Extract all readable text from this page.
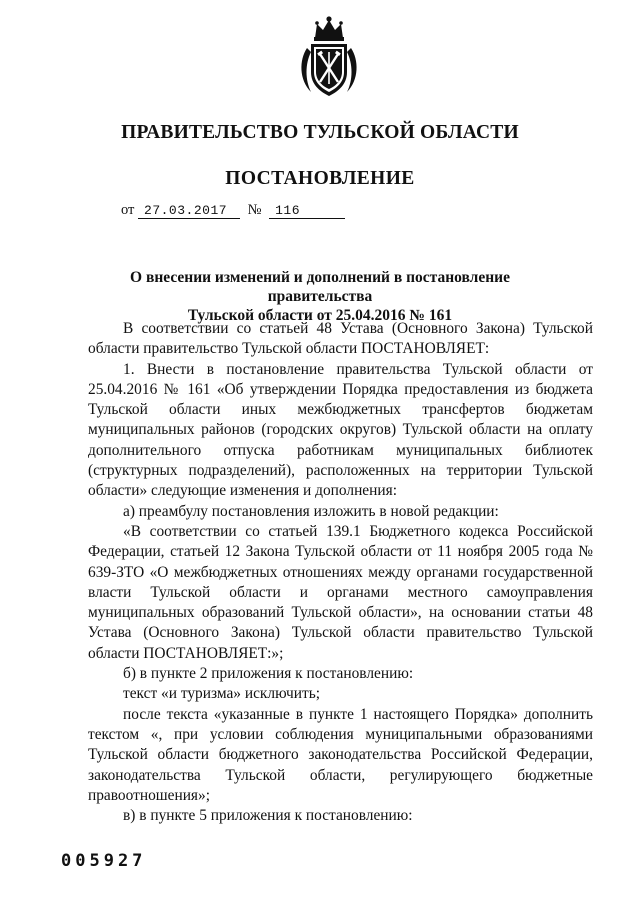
ПРАВИТЕЛЬСТВО ТУЛЬСКОЙ ОБЛАСТИ
ПОСТАНОВЛЕНИЕ
от 27.03.2017 № 116
О внесении изменений и дополнений в постановление правительства
Тульской области от 25.04.2016 № 161

В соответствии со статьей 48 Устава (Основного Закона) Тульской области правительство Тульской области ПОСТАНОВЛЯЕТ:

1. Внести в постановление правительства Тульской области от 25.04.2016 № 161 «Об утверждении Порядка предоставления из бюджета Тульской области иных межбюджетных трансфертов бюджетам муниципальных районов (городских округов) Тульской области на оплату дополнительного отпуска работникам муниципальных библиотек (структурных подразделений), расположенных на территории Тульской области» следующие изменения и дополнения:

а) преамбулу постановления изложить в новой редакции:

«В соответствии со статьей 139.1 Бюджетного кодекса Российской Федерации, статьей 12 Закона Тульской области от 11 ноября 2005 года № 639-ЗТО «О межбюджетных отношениях между органами государственной власти Тульской области и органами местного самоуправления муниципальных образований Тульской области», на основании статьи 48 Устава (Основного Закона) Тульской области правительство Тульской области ПОСТАНОВЛЯЕТ:»;

б) в пункте 2 приложения к постановлению:

текст «и туризма» исключить;

после текста «указанные в пункте 1 настоящего Порядка» дополнить текстом «, при условии соблюдения муниципальными образованиями Тульской области бюджетного законодательства Российской Федерации, законодательства Тульской области, регулирующего бюджетные правоотношения»;

в) в пункте 5 приложения к постановлению:

005927
